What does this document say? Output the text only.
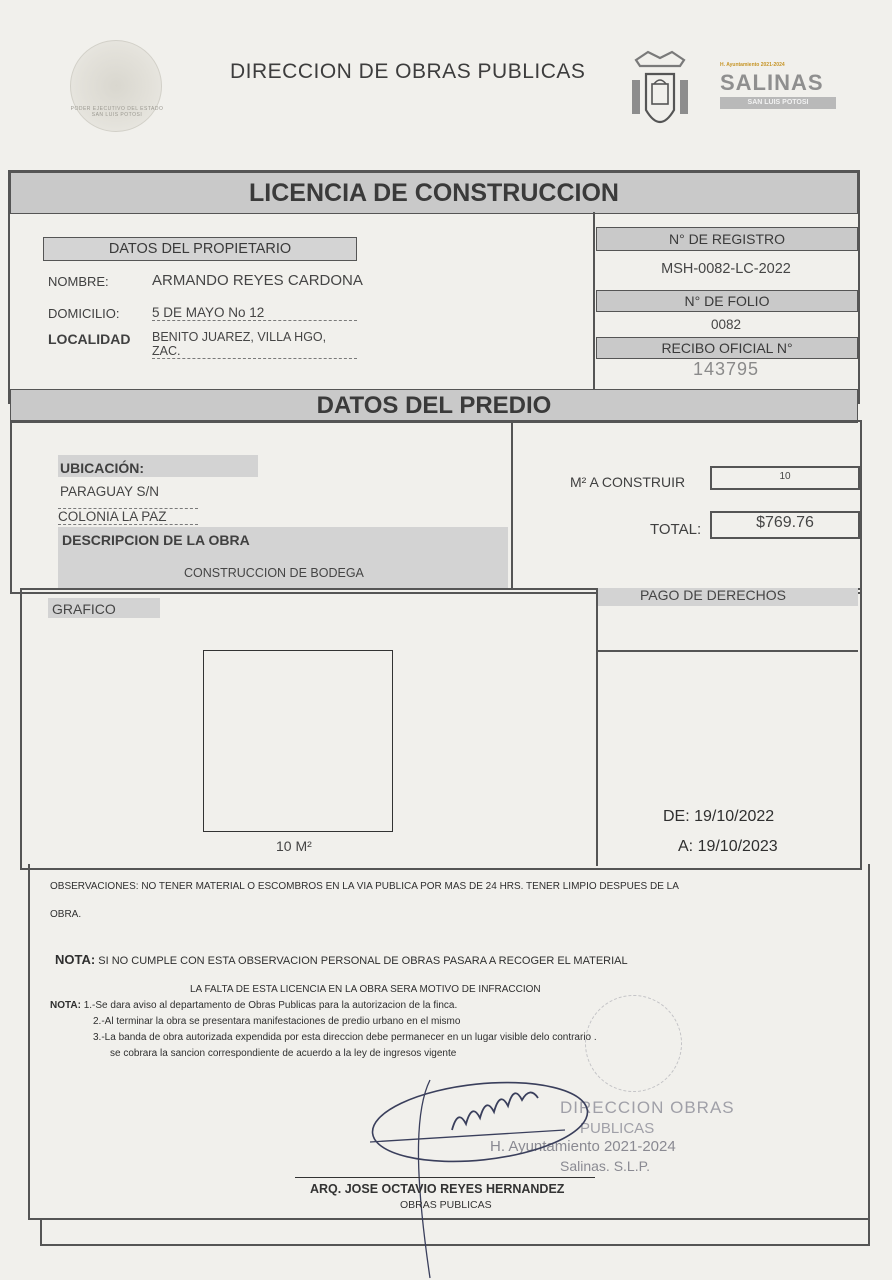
PODER EJECUTIVO DEL ESTADO
SAN LUIS POTOSI
DIRECCION DE OBRAS PUBLICAS	H. Ayuntamiento 2021-2024
SALINAS
SAN LUIS POTOSI
LICENCIA DE CONSTRUCCION
DATOS DEL PROPIETARIO
NOMBRE:	ARMANDO REYES CARDONA
DOMICILIO: 5 DE MAYO No 12
LOCALIDAD BENITO JUAREZ, VILLA HGO, ZAC.
N° DE REGISTRO
MSH-0082-LC-2022
N° DE FOLIO
0082
RECIBO OFICIAL N°
143795
DATOS DEL PREDIO
UBICACIÓN:
PARAGUAY S/N
COLONIA LA PAZ
DESCRIPCION DE LA OBRA
CONSTRUCCION DE BODEGA
M² A CONSTRUIR	10
TOTAL:	$769.76
GRAFICO
10 M²
PAGO DE DERECHOS
DE: 19/10/2022
A: 19/10/2023
OBSERVACIONES: NO TENER MATERIAL O ESCOMBROS EN LA VIA PUBLICA POR MAS DE 24 HRS. TENER LIMPIO DESPUES DE LA
OBRA.
NOTA: SI NO CUMPLE CON ESTA OBSERVACION PERSONAL DE OBRAS PASARA A RECOGER EL MATERIAL
LA FALTA DE ESTA LICENCIA EN LA OBRA SERA MOTIVO DE INFRACCION
NOTA: 1.-Se dara aviso al departamento de Obras Publicas para la autorizacion de la finca.
2.-Al terminar la obra se presentara manifestaciones de predio urbano en el mismo
3.-La banda de obra autorizada expendida por esta direccion debe permanecer en un lugar visible delo contrario .
se cobrara la sancion correspondiente de acuerdo a la ley de ingresos vigente
DIRECCION OBRAS
PUBLICAS
H. Ayuntamiento 2021-2024
Salinas. S.L.P.
ARQ. JOSE OCTAVIO REYES HERNANDEZ
OBRAS PUBLICAS
